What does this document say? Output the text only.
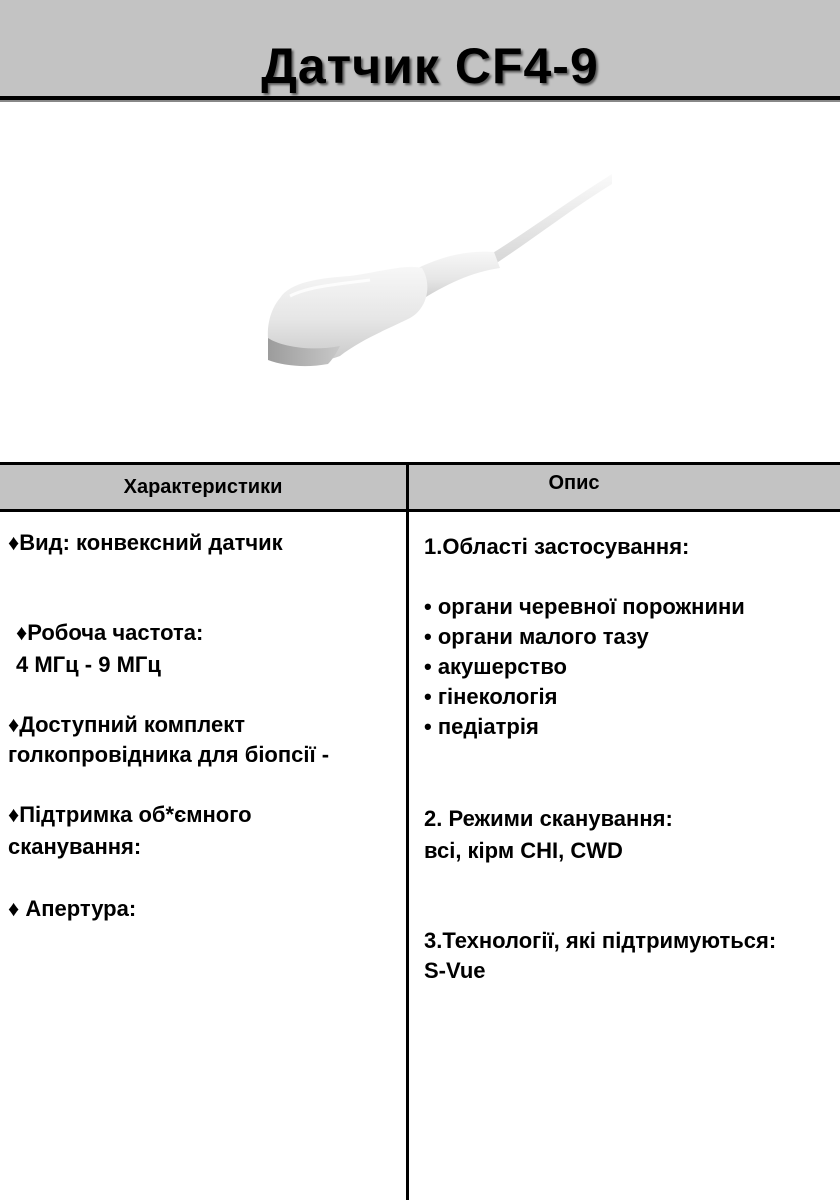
Датчик CF4-9
Характеристики	Опис
♦Вид: конвексний датчик
♦Робоча частота:
4 МГц - 9 МГц
♦Доступний комплект
голкопровідника для біопсії -
♦Підтримка об*ємного
сканування:
♦ Апертура:
1.Області застосування:
• органи черевної порожнини
• органи малого тазу
• акушерство
• гінекологія
• педіатрія
2. Режими сканування:
всі, кірм CHI, CWD
3.Технології, які підтримуються:
S-Vue
